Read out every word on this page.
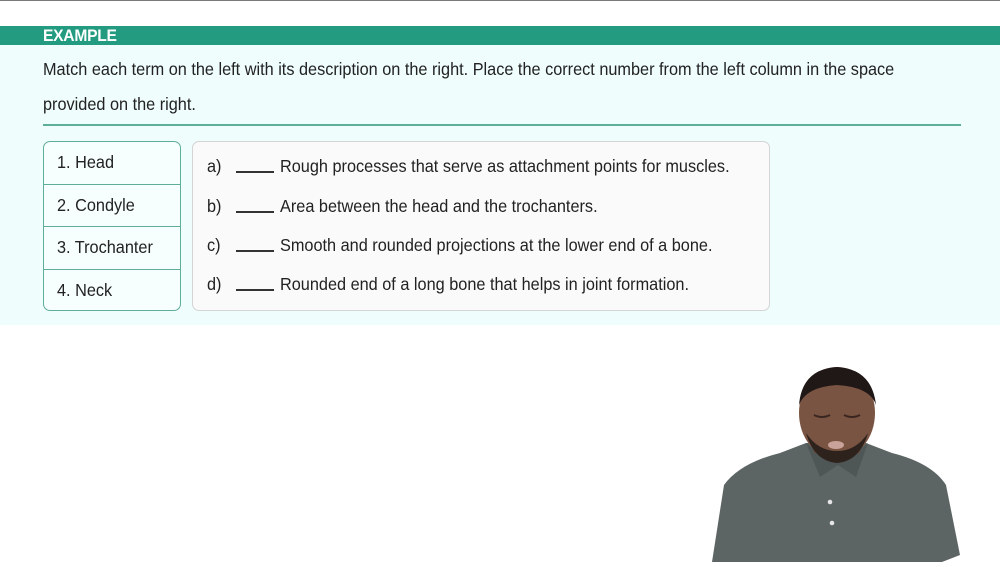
EXAMPLE
Match each term on the left with its description on the right. Place the correct number from the left column in the space provided on the right.
1. Head
2. Condyle
3. Trochanter
4. Neck
a)	Rough processes that serve as attachment points for muscles.
b)	Area between the head and the trochanters.
c)	Smooth and rounded projections at the lower end of a bone.
d)	Rounded end of a long bone that helps in joint formation.
